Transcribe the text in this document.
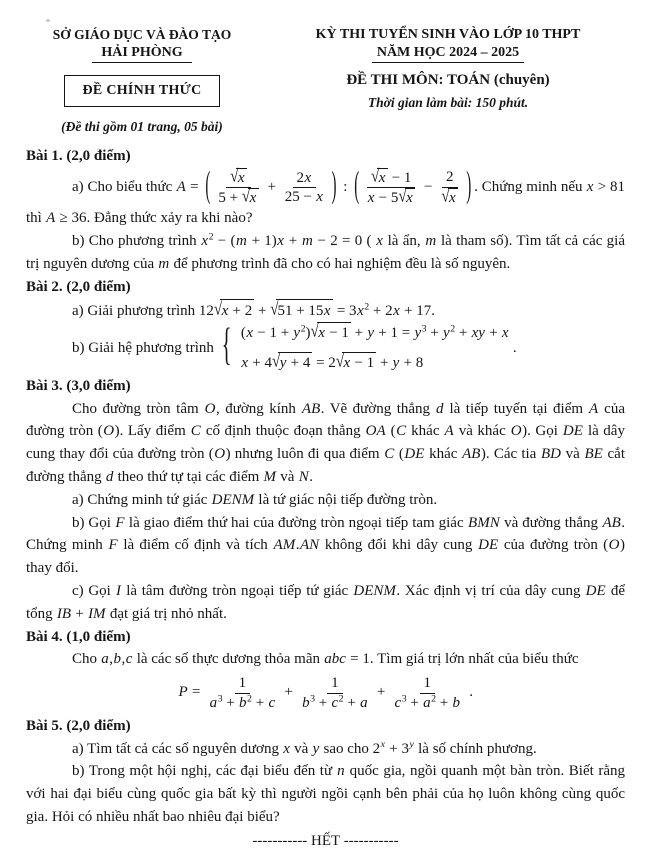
SỞ GIÁO DỤC VÀ ĐÀO TẠO
HẢI PHÒNG
ĐỀ CHÍNH THỨC
(Đề thi gồm 01 trang, 05 bài)
KỲ THI TUYỂN SINH VÀO LỚP 10 THPT
NĂM HỌC 2024 – 2025
ĐỀ THI MÔN: TOÁN (chuyên)
Thời gian làm bài: 150 phút.
Bài 1. (2,0 điểm)
a) Cho biểu thức A = ( $\frac{√x}{5 + √x} + \frac{2x}{25 - x}$ ) : ( $\frac{√x - 1}{x - 5√x} - \frac{2}{√x}$ ) . Chứng minh nếu x > 81 thì A ≥ 36. Đẳng thức xảy ra khi nào?
b) Cho phương trình $x^2 - (m + 1)x + m - 2 = 0$ ( x là ẩn, m là tham số). Tìm tất cả các giá trị nguyên dương của m để phương trình đã cho có hai nghiệm đều là số nguyên.
Bài 2. (2,0 điểm)
a) Giải phương trình $12√x + 2 + √51 + 15x = 3x^2 + 2x + 17$.
b) Giải hệ phương trình { $(x - 1 + y^2)√x - 1 + y + 1 = y^3 + y^2$ + xy + x
x + 4√y + 4 = 2√x − 1 + y + 8
.
Bài 3. (3,0 điểm)
Cho đường tròn tâm O, đường kính AB. Vẽ đường thẳng d là tiếp tuyến tại điểm A của đường tròn (O). Lấy điểm C cố định thuộc đoạn thẳng OA (C khác A và khác O). Gọi DE là dây cung thay đổi của đường tròn (O) nhưng luôn đi qua điểm C (DE khác AB). Các tia BD và BE cắt đường thẳng d theo thứ tự tại các điểm M và N.
a) Chứng minh tứ giác DENM là tứ giác nội tiếp đường tròn.
b) Gọi F là giao điểm thứ hai của đường tròn ngoại tiếp tam giác BMN và đường thẳng AB. Chứng minh F là điểm cố định và tích AM.AN không đổi khi dây cung DE của đường tròn (O) thay đổi.
c) Gọi I là tâm đường tròn ngoại tiếp tứ giác DENM. Xác định vị trí của dây cung DE để tổng IB + IM đạt giá trị nhỏ nhất.
Bài 4. (1,0 điểm)
Cho a,b,c là các số thực dương thỏa mãn abc = 1. Tìm giá trị lớn nhất của biểu thức
$P = \frac{1}{a^3 + b^2 + c} + \frac{1}{b^3 + c^2 + a} + \frac{1}{c^3 + a^2 + b}$ .
Bài 5. (2,0 điểm)
a) Tìm tất cả các số nguyên dương x và y sao cho $2^x + 3^y$ là số chính phương.
b) Trong một hội nghị, các đại biểu đến từ n quốc gia, ngồi quanh một bàn tròn. Biết rằng với hai đại biểu cùng quốc gia bất kỳ thì người ngồi cạnh bên phải của họ luôn không cùng quốc gia. Hỏi có nhiều nhất bao nhiêu đại biểu?
----------- HẾT -----------
